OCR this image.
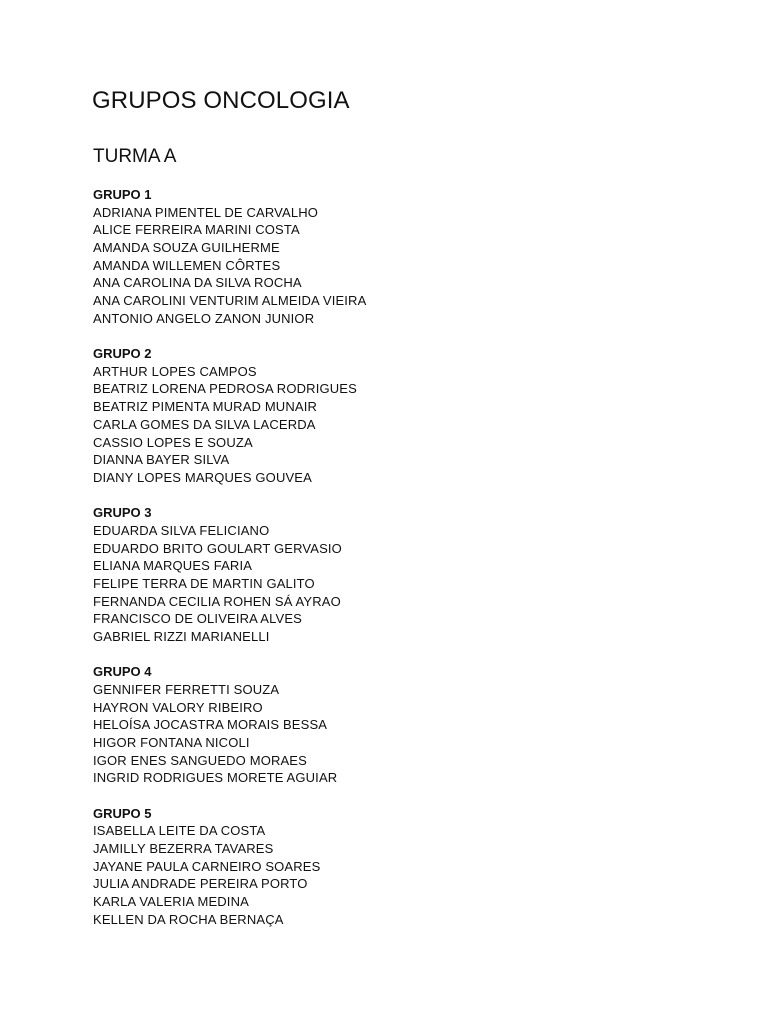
GRUPOS ONCOLOGIA
TURMA A
GRUPO 1
ADRIANA PIMENTEL DE CARVALHO
ALICE FERREIRA MARINI COSTA
AMANDA SOUZA GUILHERME
AMANDA WILLEMEN CÔRTES
ANA CAROLINA DA SILVA ROCHA
ANA CAROLINI VENTURIM ALMEIDA VIEIRA
ANTONIO ANGELO ZANON JUNIOR
GRUPO 2
ARTHUR LOPES CAMPOS
BEATRIZ LORENA PEDROSA RODRIGUES
BEATRIZ PIMENTA MURAD MUNAIR
CARLA GOMES DA SILVA LACERDA
CASSIO LOPES E SOUZA
DIANNA BAYER SILVA
DIANY LOPES MARQUES GOUVEA
GRUPO 3
EDUARDA SILVA FELICIANO
EDUARDO BRITO GOULART GERVASIO
ELIANA MARQUES FARIA
FELIPE TERRA DE MARTIN GALITO
FERNANDA CECILIA ROHEN SÁ AYRAO
FRANCISCO DE OLIVEIRA ALVES
GABRIEL RIZZI MARIANELLI
GRUPO 4
GENNIFER FERRETTI SOUZA
HAYRON VALORY RIBEIRO
HELOÍSA JOCASTRA MORAIS BESSA
HIGOR FONTANA NICOLI
IGOR ENES SANGUEDO MORAES
INGRID RODRIGUES MORETE AGUIAR
GRUPO 5
ISABELLA LEITE DA COSTA
JAMILLY BEZERRA TAVARES
JAYANE PAULA CARNEIRO SOARES
JULIA ANDRADE PEREIRA PORTO
KARLA VALERIA MEDINA
KELLEN DA ROCHA BERNAÇA
